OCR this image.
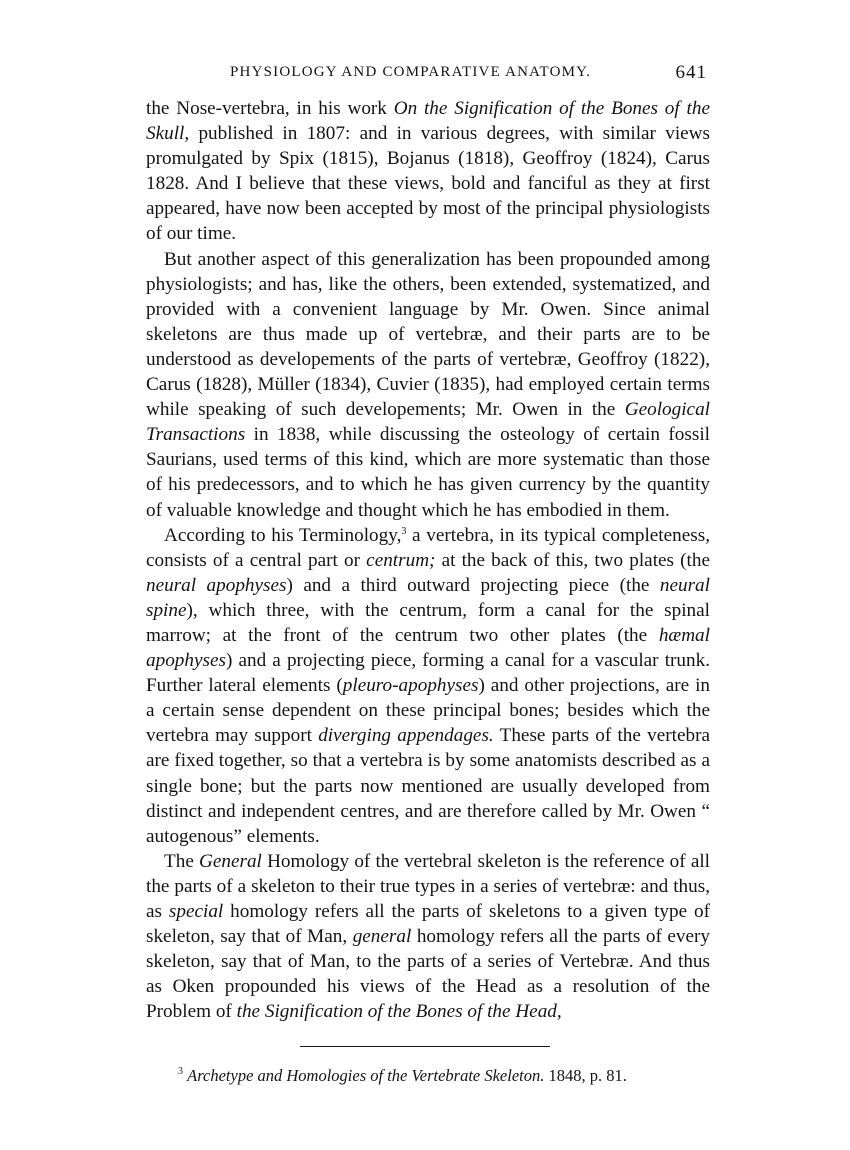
PHYSIOLOGY AND COMPARATIVE ANATOMY.	641

the Nose-vertebra, in his work On the Signification of the Bones of the Skull, published in 1807: and in various degrees, with similar views promulgated by Spix (1815), Bojanus (1818), Geoffroy (1824), Carus 1828. And I believe that these views, bold and fanciful as they at first appeared, have now been accepted by most of the principal physiologists of our time.

But another aspect of this generalization has been propounded among physiologists; and has, like the others, been extended, systematized, and provided with a convenient language by Mr. Owen. Since animal skeletons are thus made up of vertebræ, and their parts are to be understood as developements of the parts of vertebræ, Geoffroy (1822), Carus (1828), Müller (1834), Cuvier (1835), had employed certain terms while speaking of such developements; Mr. Owen in the Geological Transactions in 1838, while discussing the osteology of certain fossil Saurians, used terms of this kind, which are more systematic than those of his predecessors, and to which he has given currency by the quantity of valuable knowledge and thought which he has embodied in them.

According to his Terminology,$^3$ a vertebra, in its typical completeness, consists of a central part or centrum; at the back of this, two plates (the neural apophyses) and a third outward projecting piece (the neural spine), which three, with the centrum, form a canal for the spinal marrow; at the front of the centrum two other plates (the hæmal apophyses) and a projecting piece, forming a canal for a vascular trunk. Further lateral elements (pleuro-apophyses) and other projections, are in a certain sense dependent on these principal bones; besides which the vertebra may support diverging appendages. These parts of the vertebra are fixed together, so that a vertebra is by some anatomists described as a single bone; but the parts now mentioned are usually developed from distinct and independent centres, and are therefore called by Mr. Owen “ autogenous” elements.

The General Homology of the vertebral skeleton is the reference of all the parts of a skeleton to their true types in a series of vertebræ: and thus, as special homology refers all the parts of skeletons to a given type of skeleton, say that of Man, general homology refers all the parts of every skeleton, say that of Man, to the parts of a series of Vertebræ. And thus as Oken propounded his views of the Head as a resolution of the Problem of the Signification of the Bones of the Head,

$^3$ Archetype and Homologies of the Vertebrate Skeleton. 1848, p. 81.
